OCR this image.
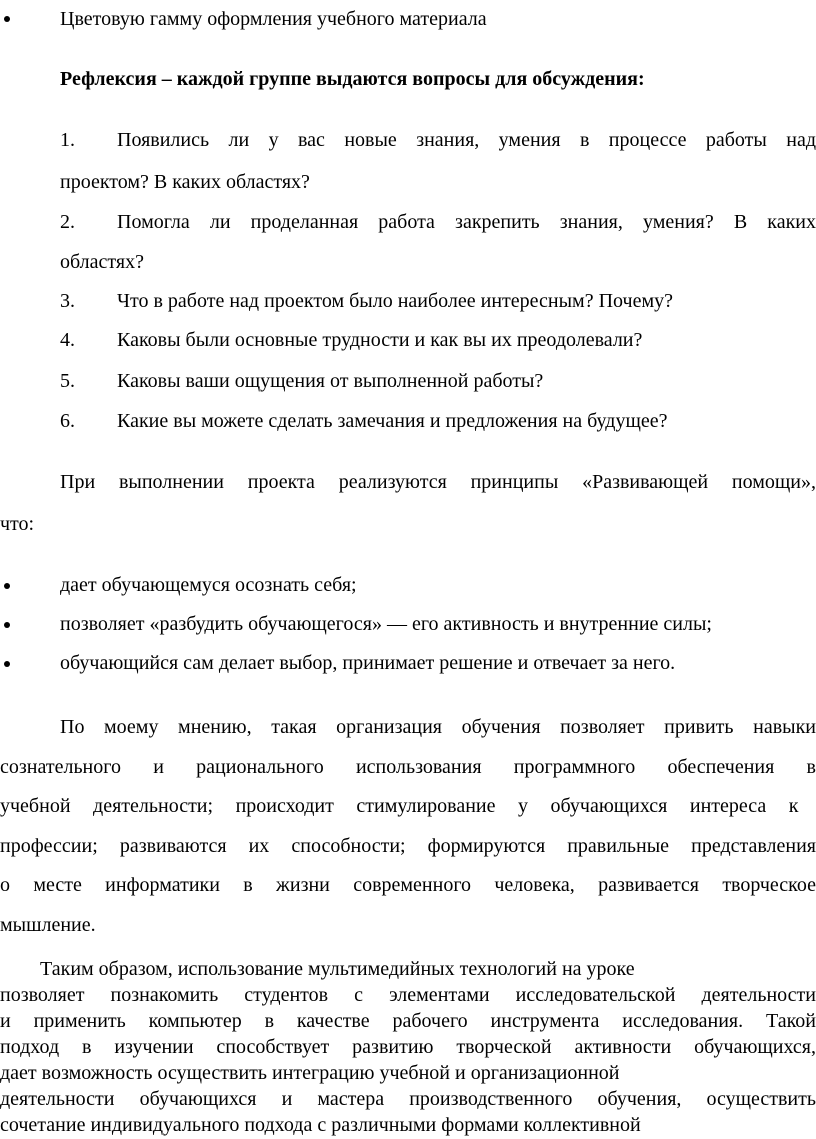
Цветовую гамму оформления учебного материала
Рефлексия – каждой группе выдаются вопросы для обсуждения:
1. Появились ли у вас новые знания, умения в процессе работы над
проектом? В каких областях?
2. Помогла ли проделанная работа закрепить знания, умения? В каких
областях?
3. Что в работе над проектом было наиболее интересным? Почему?
4. Каковы были основные трудности и как вы их преодолевали?
5. Каковы ваши ощущения от выполненной работы?
6. Какие вы можете сделать замечания и предложения на будущее?
При выполнении проекта реализуются принципы «Развивающей помощи»,
что:
дает обучающемуся осознать себя;
позволяет «разбудить обучающегося» — его активность и внутренние силы;
обучающийся сам делает выбор, принимает решение и отвечает за него.
По моему мнению, такая организация обучения позволяет привить навыки
сознательного и рационального использования программного обеспечения в
учебной деятельности; происходит стимулирование у обучающихся интереса к
профессии; развиваются их способности; формируются правильные представления
о месте информатики в жизни современного человека, развивается творческое
мышление.
Таким образом, использование мультимедийных технологий на уроке
позволяет познакомить студентов с элементами исследовательской деятельности
и применить компьютер в качестве рабочего инструмента исследования. Такой
подход в изучении способствует развитию творческой активности обучающихся,
дает возможность осуществить интеграцию учебной и организационной
деятельности обучающихся и мастера производственного обучения, осуществить
сочетание индивидуального подхода с различными формами коллективной
